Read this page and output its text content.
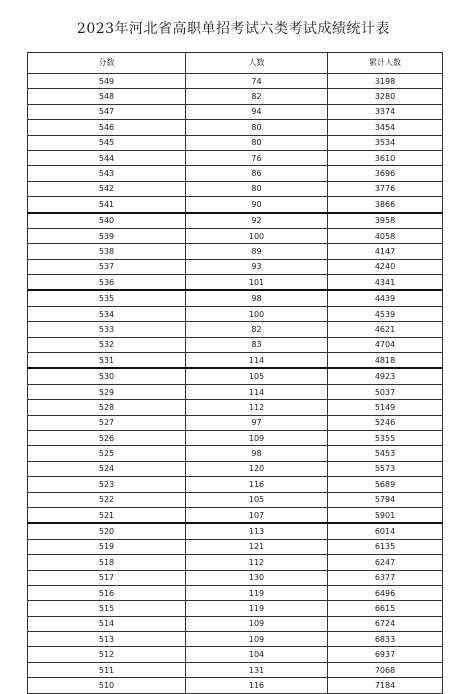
2023年河北省高职单招考试六类考试成绩统计表
分数	人数	累计人数
549	74	3198
548	82	3280
547	94	3374
546	80	3454
545	80	3534
544	76	3610
543	86	3696
542	80	3776
541	90	3866
540	92	3958
539	100	4058
538	89	4147
537	93	4240
536	101	4341
535	98	4439
534	100	4539
533	82	4621
532	83	4704
531	114	4818
530	105	4923
529	114	5037
528	112	5149
527	97	5246
526	109	5355
525	98	5453
524	120	5573
523	116	5689
522	105	5794
521	107	5901
520	113	6014
519	121	6135
518	112	6247
517	130	6377
516	119	6496
515	119	6615
514	109	6724
513	109	6833
512	104	6937
511	131	7068
510	116	7184
